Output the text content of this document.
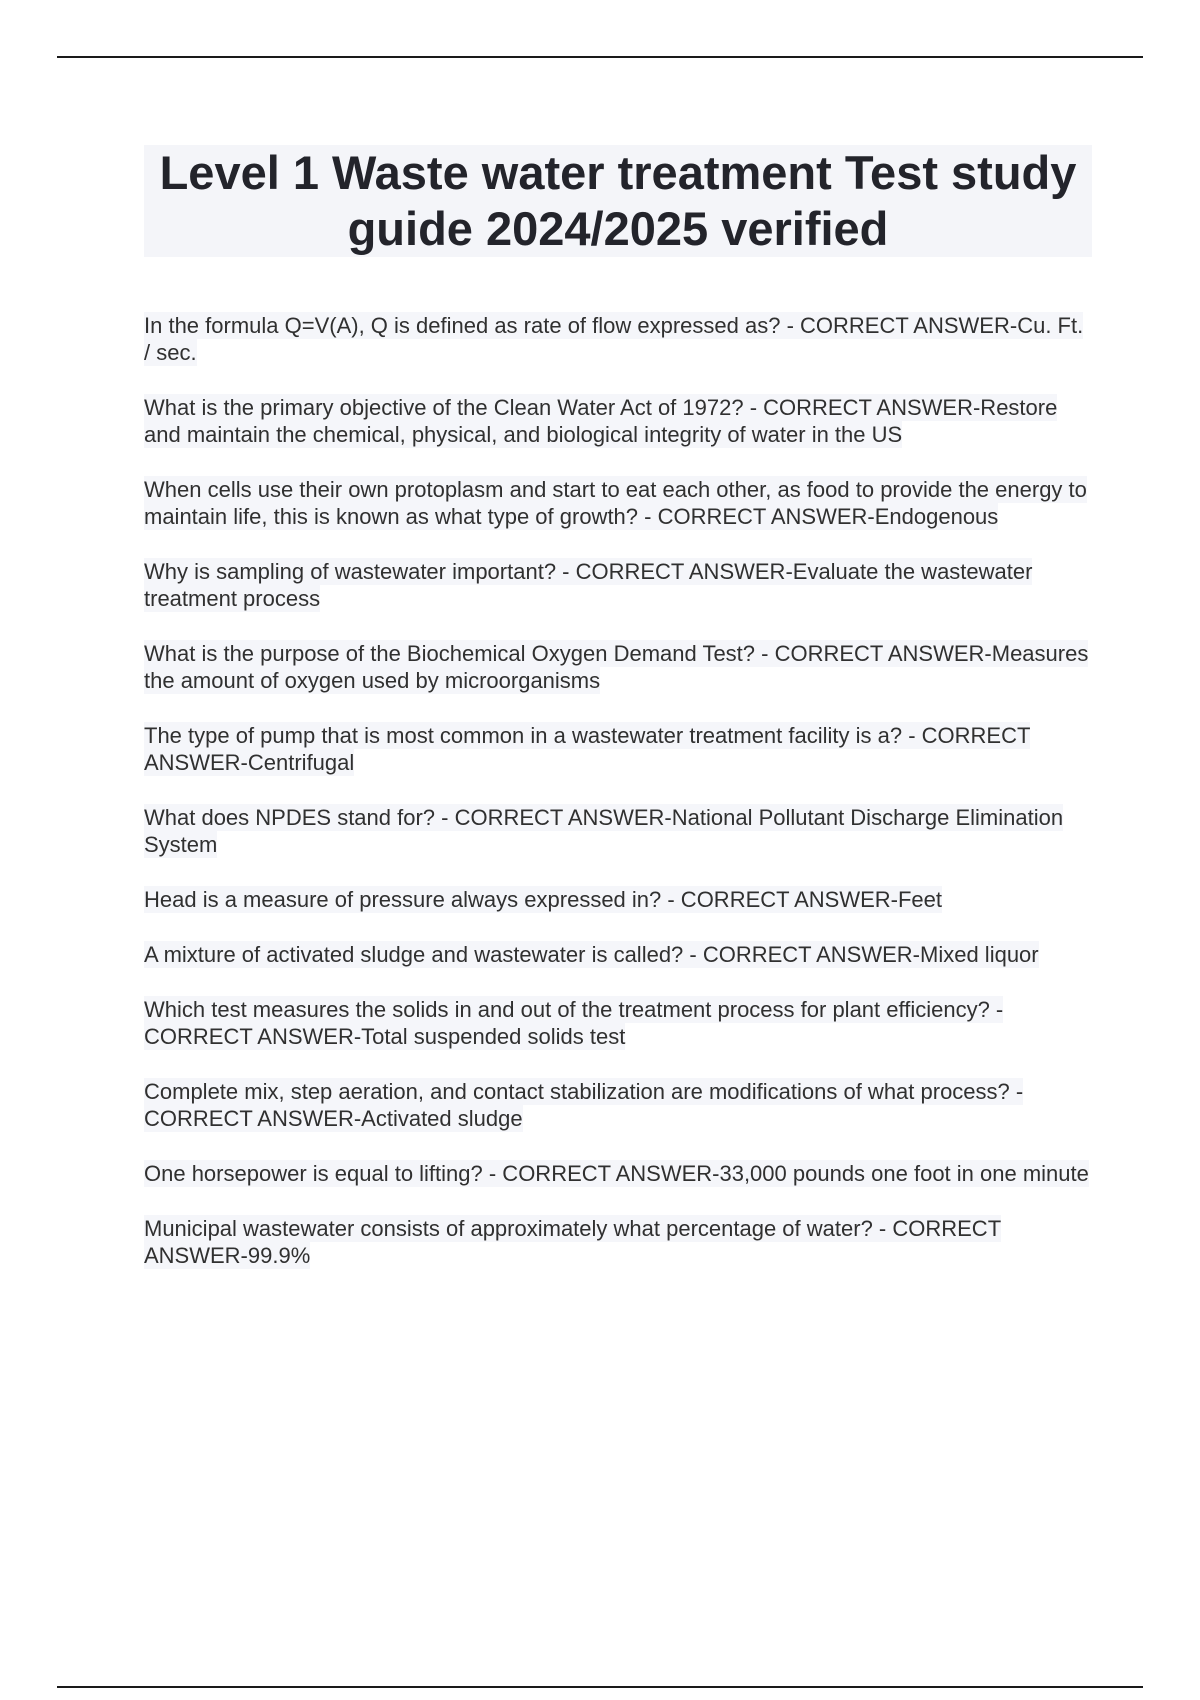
Level 1 Waste water treatment Test study guide 2024/2025 verified

In the formula Q=V(A), Q is defined as rate of flow expressed as? - CORRECT ANSWER-Cu. Ft. / sec.

What is the primary objective of the Clean Water Act of 1972? - CORRECT ANSWER-Restore and maintain the chemical, physical, and biological integrity of water in the US

When cells use their own protoplasm and start to eat each other, as food to provide the energy to maintain life, this is known as what type of growth? - CORRECT ANSWER-Endogenous

Why is sampling of wastewater important? - CORRECT ANSWER-Evaluate the wastewater treatment process

What is the purpose of the Biochemical Oxygen Demand Test? - CORRECT ANSWER-Measures the amount of oxygen used by microorganisms

The type of pump that is most common in a wastewater treatment facility is a? - CORRECT ANSWER-Centrifugal

What does NPDES stand for? - CORRECT ANSWER-National Pollutant Discharge Elimination System

Head is a measure of pressure always expressed in? - CORRECT ANSWER-Feet

A mixture of activated sludge and wastewater is called? - CORRECT ANSWER-Mixed liquor

Which test measures the solids in and out of the treatment process for plant efficiency? - CORRECT ANSWER-Total suspended solids test

Complete mix, step aeration, and contact stabilization are modifications of what process? - CORRECT ANSWER-Activated sludge

One horsepower is equal to lifting? - CORRECT ANSWER-33,000 pounds one foot in one minute

Municipal wastewater consists of approximately what percentage of water? - CORRECT ANSWER-99.9%
